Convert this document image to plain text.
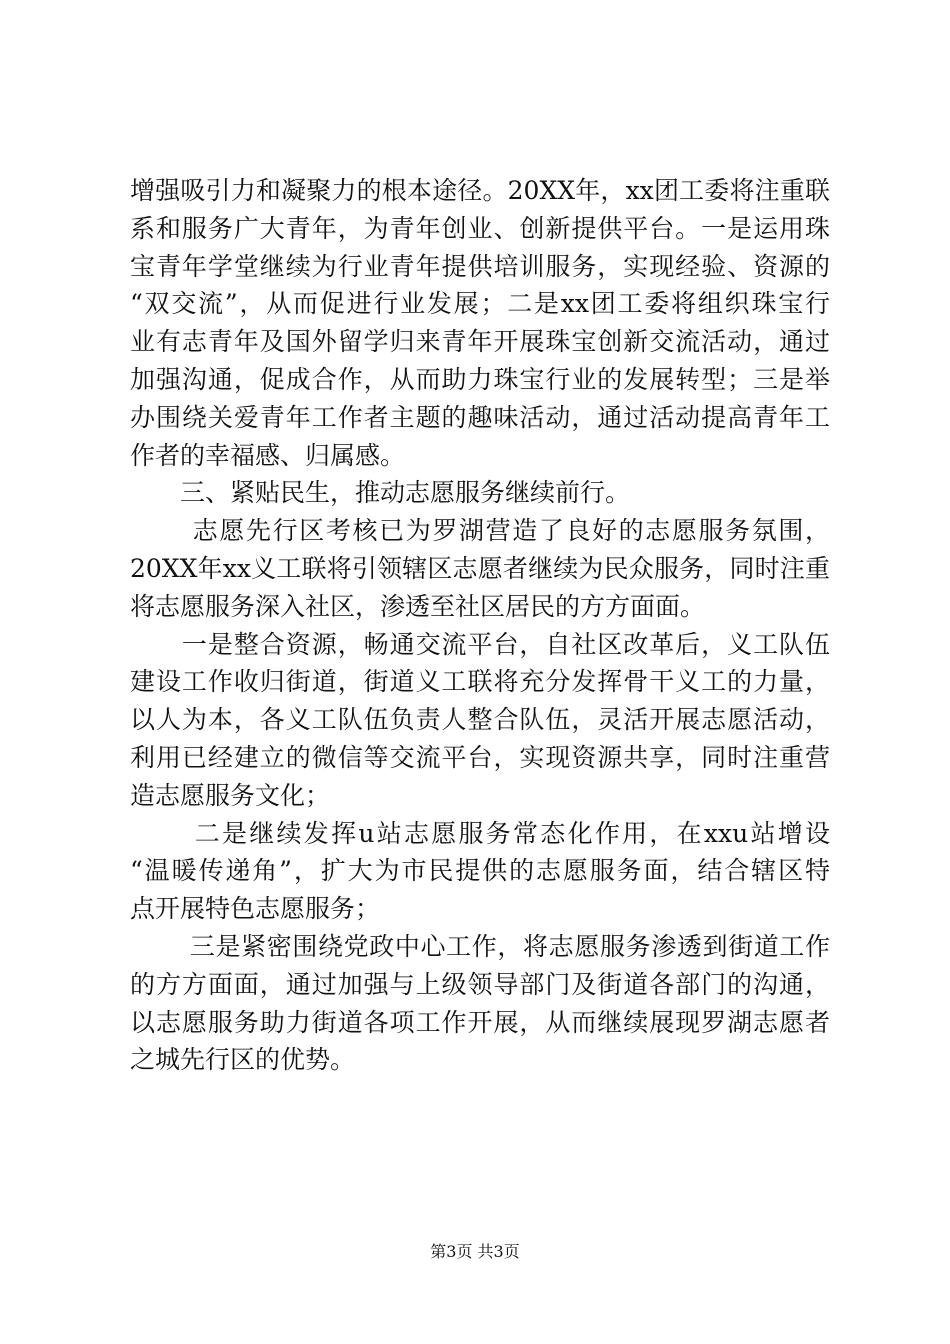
增强吸引力和凝聚力的根本途径。20XX年，xx团工委将注重联
系和服务广大青年，为青年创业、创新提供平台。一是运用珠
宝青年学堂继续为行业青年提供培训服务，实现经验、资源的
“双交流”，从而促进行业发展；二是xx团工委将组织珠宝行
业有志青年及国外留学归来青年开展珠宝创新交流活动，通过
加强沟通，促成合作，从而助力珠宝行业的发展转型；三是举
办围绕关爱青年工作者主题的趣味活动，通过活动提高青年工
作者的幸福感、归属感。
　　三、紧贴民生，推动志愿服务继续前行。
　　 志愿先行区考核已为罗湖营造了良好的志愿服务氛围，
20XX年xx义工联将引领辖区志愿者继续为民众服务，同时注重
将志愿服务深入社区，渗透至社区居民的方方面面。
　　一是整合资源，畅通交流平台，自社区改革后，义工队伍
建设工作收归街道，街道义工联将充分发挥骨干义工的力量，
以人为本，各义工队伍负责人整合队伍，灵活开展志愿活动，
利用已经建立的微信等交流平台，实现资源共享，同时注重营
造志愿服务文化；
　　 二是继续发挥u站志愿服务常态化作用，在xxu站增设
“温暖传递角”，扩大为市民提供的志愿服务面，结合辖区特
点开展特色志愿服务；
　　 三是紧密围绕党政中心工作，将志愿服务渗透到街道工作
的方方面面，通过加强与上级领导部门及街道各部门的沟通，
以志愿服务助力街道各项工作开展，从而继续展现罗湖志愿者
之城先行区的优势。
第3页 共3页
